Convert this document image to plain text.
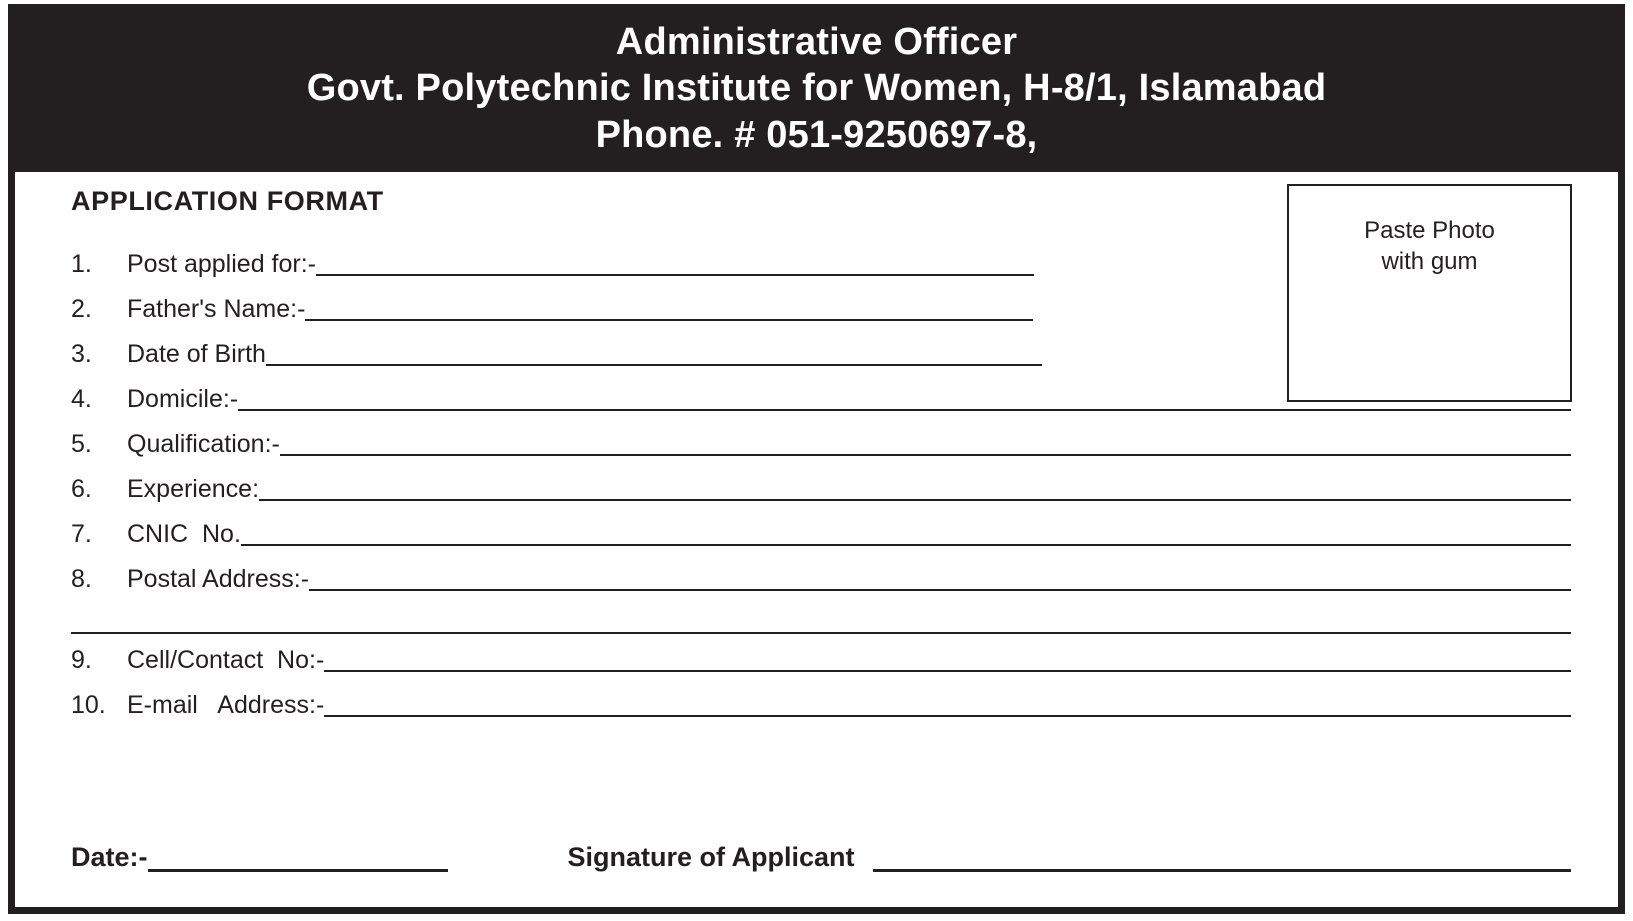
Administrative Officer
Govt. Polytechnic Institute for Women, H-8/1, Islamabad
Phone. # 051-9250697-8,
APPLICATION FORMAT
Paste Photo
with gum
1.	Post applied for:-
2.	Father's Name:-
3.	Date of Birth
4.	Domicile:-
5.	Qualification:-
6.	Experience:
7.	CNIC  No.
8.	Postal Address:-
9.	Cell/Contact  No:-
10. E-mail   Address:-
Date:-	Signature of Applicant
